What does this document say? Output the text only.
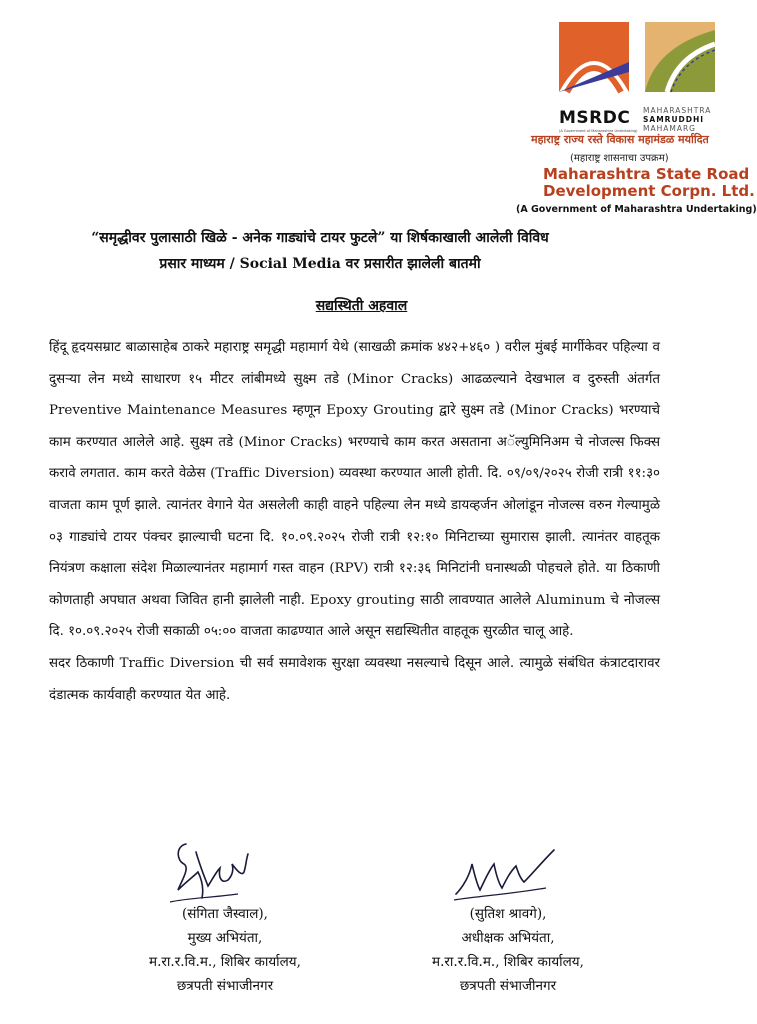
MSRDC
(A Government of Maharashtra Undertaking)
MAHARASHTRA
SAMRUDDHI
MAHAMARG
महाराष्ट्र राज्य रस्ते विकास महामंडळ मर्यादित
(महाराष्ट्र शासनाचा उपक्रम)
Maharashtra State Road
Development Corpn. Ltd.
(A Government of Maharashtra Undertaking)
“समृद्धीवर पुलासाठी खिळे - अनेक गाड्यांचे टायर फुटले” या शिर्षकाखाली आलेली विविध
प्रसार माध्यम / Social Media वर प्रसारीत झालेली बातमी
सद्यस्थिती अहवाल

हिंदू हृदयसम्राट बाळासाहेब ठाकरे महाराष्ट्र समृद्धी महामार्ग येथे (साखळी क्रमांक ४४२+४६० ) वरील मुंबई मार्गीकेवर पहिल्या व दुसऱ्या लेन मध्ये साधारण १५ मीटर लांबीमध्ये सुक्ष्म तडे (Minor Cracks) आढळल्याने देखभाल व दुरुस्ती अंतर्गत Preventive Maintenance Measures म्हणून Epoxy Grouting द्वारे सुक्ष्म तडे (Minor Cracks) भरण्याचे काम करण्यात आलेले आहे. सुक्ष्म तडे (Minor Cracks) भरण्याचे काम करत असताना अॅल्युमिनिअम चे नोजल्स फिक्स करावे लगतात. काम करते वेळेस (Traffic Diversion) व्यवस्था करण्यात आली होती. दि. ०९/०९/२०२५ रोजी रात्री ११:३० वाजता काम पूर्ण झाले. त्यानंतर वेगाने येत असलेली काही वाहने पहिल्या लेन मध्ये डायव्हर्जन ओलांडून नोजल्स वरुन गेल्यामुळे ०३ गाड्यांचे टायर पंक्चर झाल्याची घटना दि. १०.०९.२०२५ रोजी रात्री १२:१० मिनिटाच्या सुमारास झाली. त्यानंतर वाहतूक नियंत्रण कक्षाला संदेश मिळाल्यानंतर महामार्ग गस्त वाहन (RPV) रात्री १२:३६ मिनिटांनी घनास्थळी पोहचले होते. या ठिकाणी कोणताही अपघात अथवा जिवित हानी झालेली नाही. Epoxy grouting साठी लावण्यात आलेले Aluminum चे नोजल्स दि. १०.०९.२०२५ रोजी सकाळी ०५:०० वाजता काढण्यात आले असून सद्यस्थितीत वाहतूक सुरळीत चालू आहे.

सदर ठिकाणी Traffic Diversion ची सर्व समावेशक सुरक्षा व्यवस्था नसल्याचे दिसून आले. त्यामुळे संबंधित कंत्राटदारावर दंडात्मक कार्यवाही करण्यात येत आहे.

(संगिता जैस्वाल),
मुख्य अभियंता,
म.रा.र.वि.म., शिबिर कार्यालय,
छत्रपती संभाजीनगर
(सुतिश श्रावगे),
अधीक्षक अभियंता,
म.रा.र.वि.म., शिबिर कार्यालय,
छत्रपती संभाजीनगर
